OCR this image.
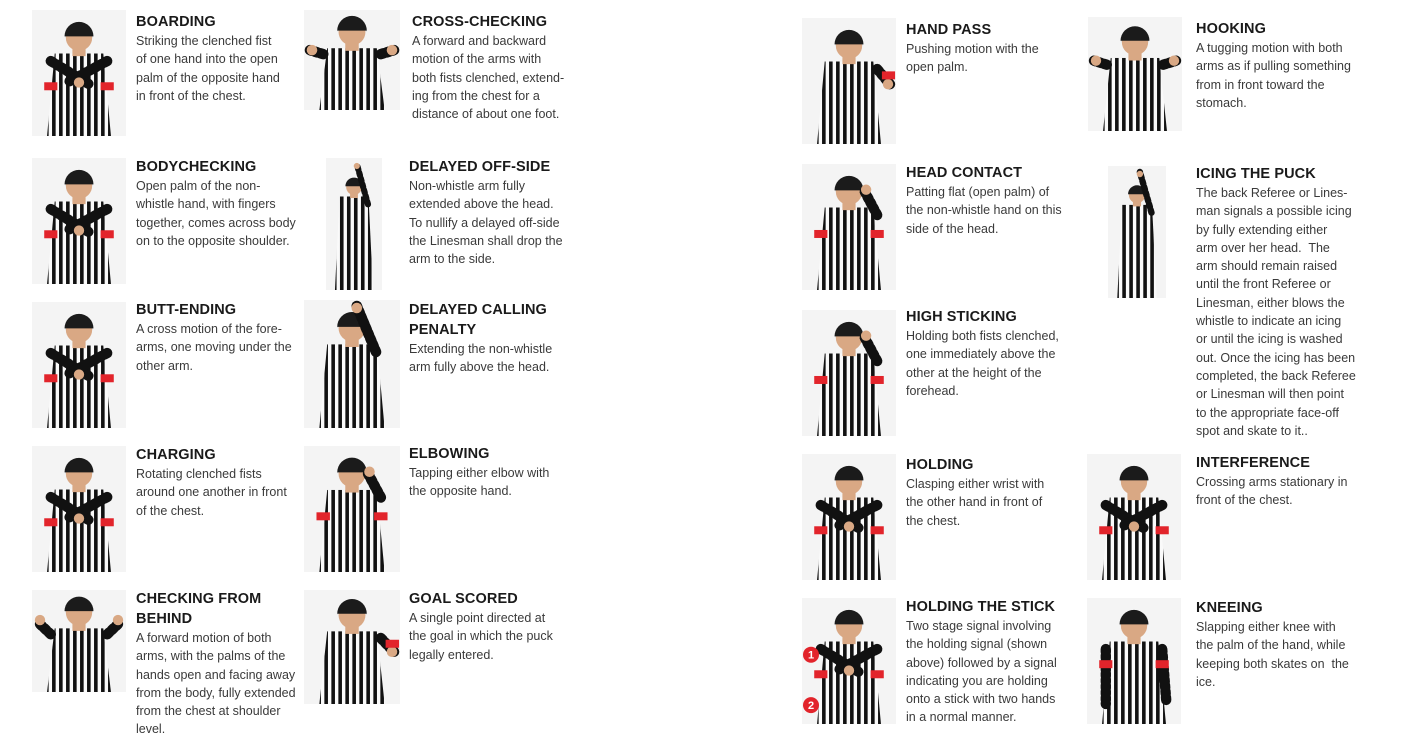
BOARDING
Striking the clenched fist
of one hand into the open
palm of the opposite hand
in front of the chest.
CROSS-CHECKING
A forward and backward
motion of the arms with
both fists clenched, extend-
ing from the chest for a
distance of about one foot.
BODYCHECKING
Open palm of the non-
whistle hand, with fingers
together, comes across body
on to the opposite shoulder.
DELAYED OFF-SIDE
Non-whistle arm fully
extended above the head.
To nullify a delayed off-side
the Linesman shall drop the
arm to the side.
BUTT-ENDING
A cross motion of the fore-
arms, one moving under the
other arm.
DELAYED CALLING
PENALTY
Extending the non-whistle
arm fully above the head.
CHARGING
Rotating clenched fists
around one another in front
of the chest.
ELBOWING
Tapping either elbow with
the opposite hand.
CHECKING FROM
BEHIND
A forward motion of both
arms, with the palms of the
hands open and facing away
from the body, fully extended
from the chest at shoulder
level.
GOAL SCORED
A single point directed at
the goal in which the puck
legally entered.
HAND PASS
Pushing motion with the
open palm.
HOOKING
A tugging motion with both
arms as if pulling something
from in front toward the
stomach.
HEAD CONTACT
Patting flat (open palm) of
the non-whistle hand on this
side of the head.
ICING THE PUCK
The back Referee or Lines-
man signals a possible icing
by fully extending either
arm over her head.  The
arm should remain raised
until the front Referee or
Linesman, either blows the
whistle to indicate an icing
or until the icing is washed
out. Once the icing has been
completed, the back Referee
or Linesman will then point
to the appropriate face-off
spot and skate to it..
HIGH STICKING
Holding both fists clenched,
one immediately above the
other at the height of the
forehead.
HOLDING
Clasping either wrist with
the other hand in front of
the chest.
INTERFERENCE
Crossing arms stationary in
front of the chest.
1
2
HOLDING THE STICK
Two stage signal involving
the holding signal (shown
above) followed by a signal
indicating you are holding
onto a stick with two hands
in a normal manner.
KNEEING
Slapping either knee with
the palm of the hand, while
keeping both skates on  the
ice.
